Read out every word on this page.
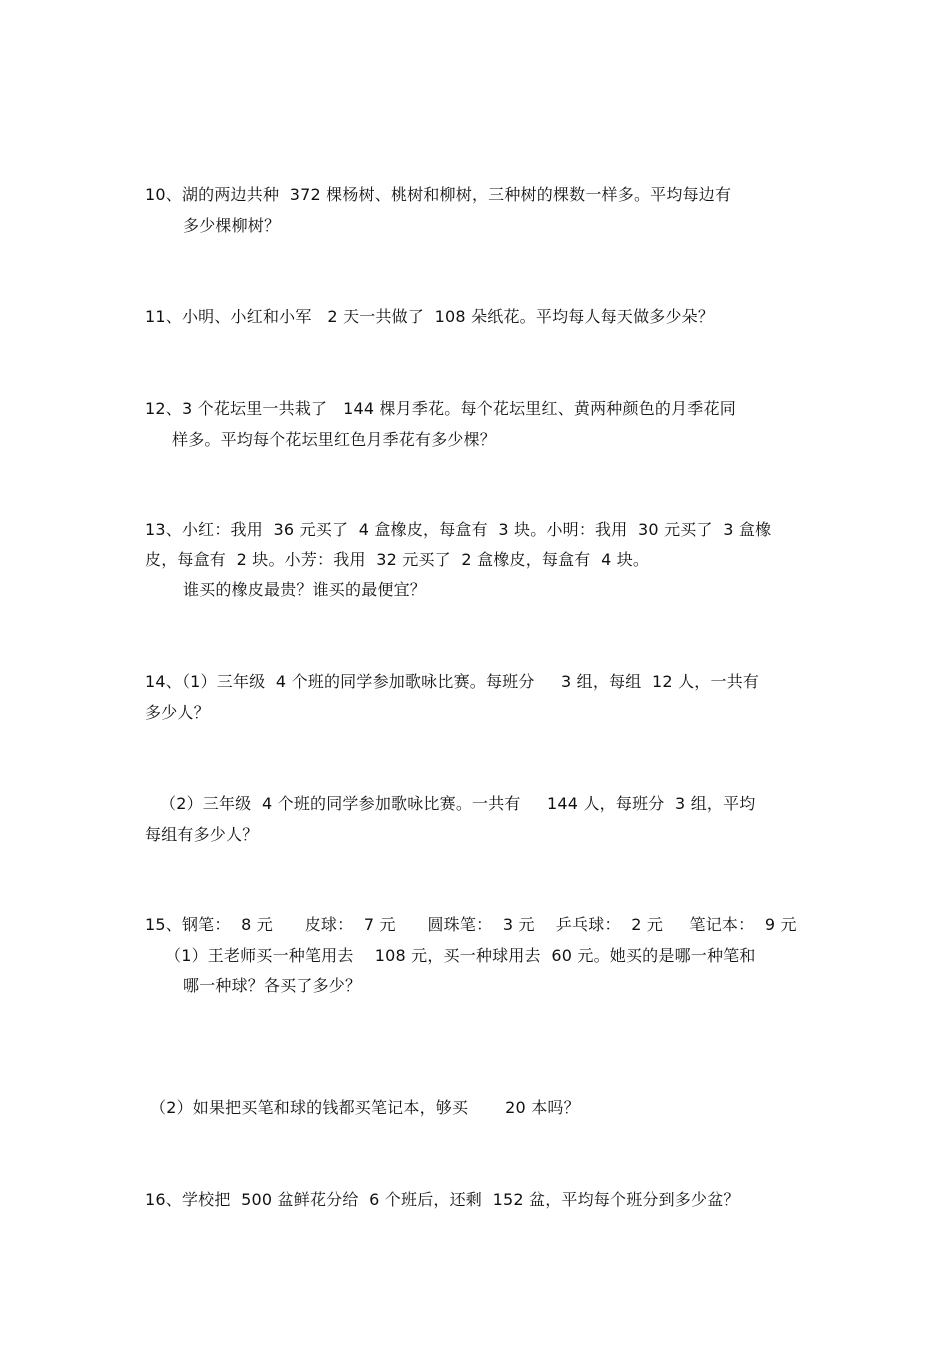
10、湖的两边共种  372 棵杨树、桃树和柳树，三种树的棵数一样多。平均每边有

多少棵柳树？

11、小明、小红和小军   2 天一共做了  108 朵纸花。平均每人每天做多少朵？

12、3 个花坛里一共栽了   144 棵月季花。每个花坛里红、黄两种颜色的月季花同

样多。平均每个花坛里红色月季花有多少棵？

13、小红：我用  36 元买了  4 盒橡皮，每盒有  3 块。小明：我用  30 元买了  3 盒橡

皮，每盒有  2 块。小芳：我用  32 元买了  2 盒橡皮，每盒有  4 块。

谁买的橡皮最贵？谁买的最便宜？

14、（1）三年级  4 个班的同学参加歌咏比赛。每班分     3 组，每组  12 人，一共有

多少人？

（2）三年级  4 个班的同学参加歌咏比赛。一共有     144 人，每班分  3 组，平均

每组有多少人？

15、钢笔：  8 元      皮球：  7 元      圆珠笔：  3 元    乒乓球：  2 元     笔记本：  9 元

（1）王老师买一种笔用去    108 元，买一种球用去  60 元。她买的是哪一种笔和

哪一种球？各买了多少？

（2）如果把买笔和球的钱都买笔记本，够买       20 本吗？

16、学校把  500 盆鲜花分给  6 个班后，还剩  152 盆，平均每个班分到多少盆？
